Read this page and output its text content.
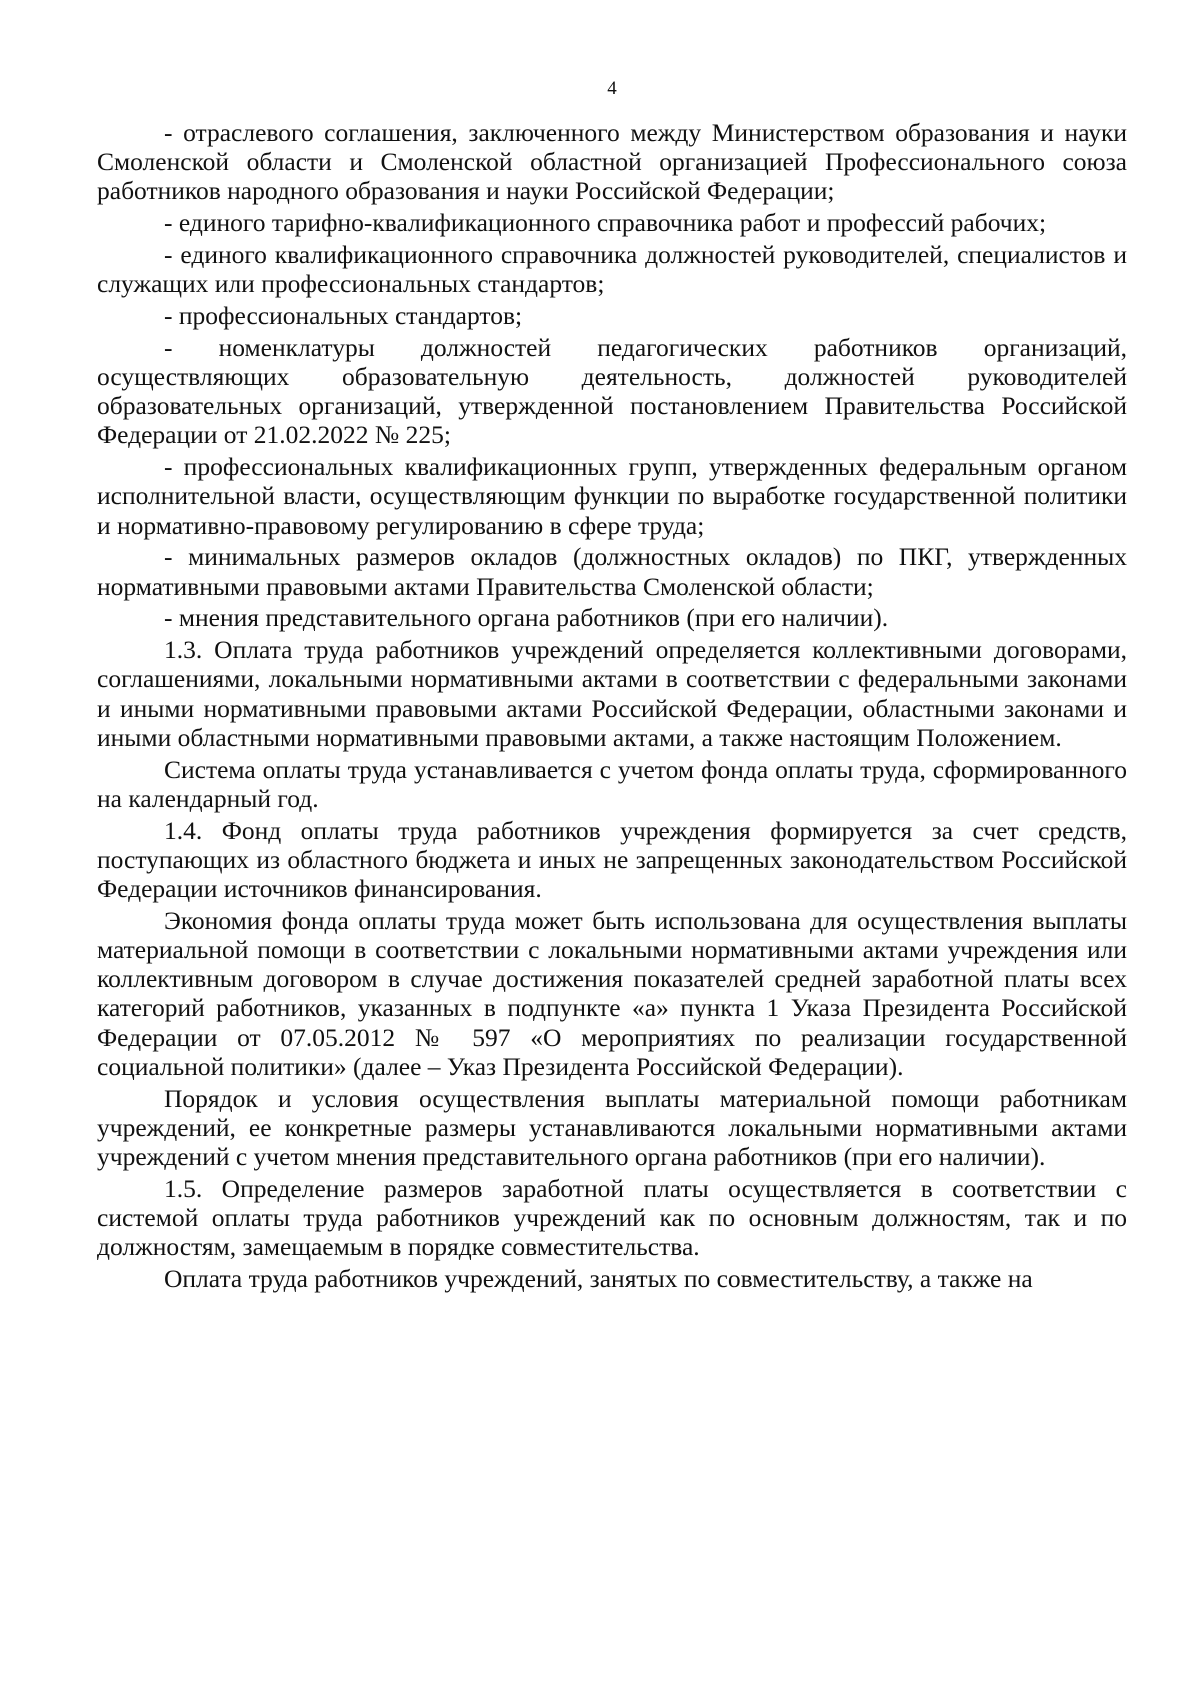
4

- отраслевого соглашения, заключенного между Министерством образования и науки Смоленской области и Смоленской областной организацией Профессионального союза работников народного образования и науки Российской Федерации;

- единого тарифно-квалификационного справочника работ и профессий рабочих;

- единого квалификационного справочника должностей руководителей, специалистов и служащих или профессиональных стандартов;

- профессиональных стандартов;

- номенклатуры должностей педагогических работников организаций, осуществляющих образовательную деятельность, должностей руководителей образовательных организаций, утвержденной постановлением Правительства Российской Федерации от 21.02.2022 № 225;

- профессиональных квалификационных групп, утвержденных федеральным органом исполнительной власти, осуществляющим функции по выработке государственной политики и нормативно-правовому регулированию в сфере труда;

- минимальных размеров окладов (должностных окладов) по ПКГ, утвержденных нормативными правовыми актами Правительства Смоленской области;

- мнения представительного органа работников (при его наличии).

1.3. Оплата труда работников учреждений определяется коллективными договорами, соглашениями, локальными нормативными актами в соответствии с федеральными законами и иными нормативными правовыми актами Российской Федерации, областными законами и иными областными нормативными правовыми актами, а также настоящим Положением.

Система оплаты труда устанавливается с учетом фонда оплаты труда, сформированного на календарный год.

1.4. Фонд оплаты труда работников учреждения формируется за счет средств, поступающих из областного бюджета и иных не запрещенных законодательством Российской Федерации источников финансирования.

Экономия фонда оплаты труда может быть использована для осуществления выплаты материальной помощи в соответствии с локальными нормативными актами учреждения или коллективным договором в случае достижения показателей средней заработной платы всех категорий работников, указанных в подпункте «а» пункта 1 Указа Президента Российской Федерации от 07.05.2012 № 597 «О мероприятиях по реализации государственной социальной политики» (далее – Указ Президента Российской Федерации).

Порядок и условия осуществления выплаты материальной помощи работникам учреждений, ее конкретные размеры устанавливаются локальными нормативными актами учреждений с учетом мнения представительного органа работников (при его наличии).

1.5. Определение размеров заработной платы осуществляется в соответствии с системой оплаты труда работников учреждений как по основным должностям, так и по должностям, замещаемым в порядке совместительства.

Оплата труда работников учреждений, занятых по совместительству, а также на
